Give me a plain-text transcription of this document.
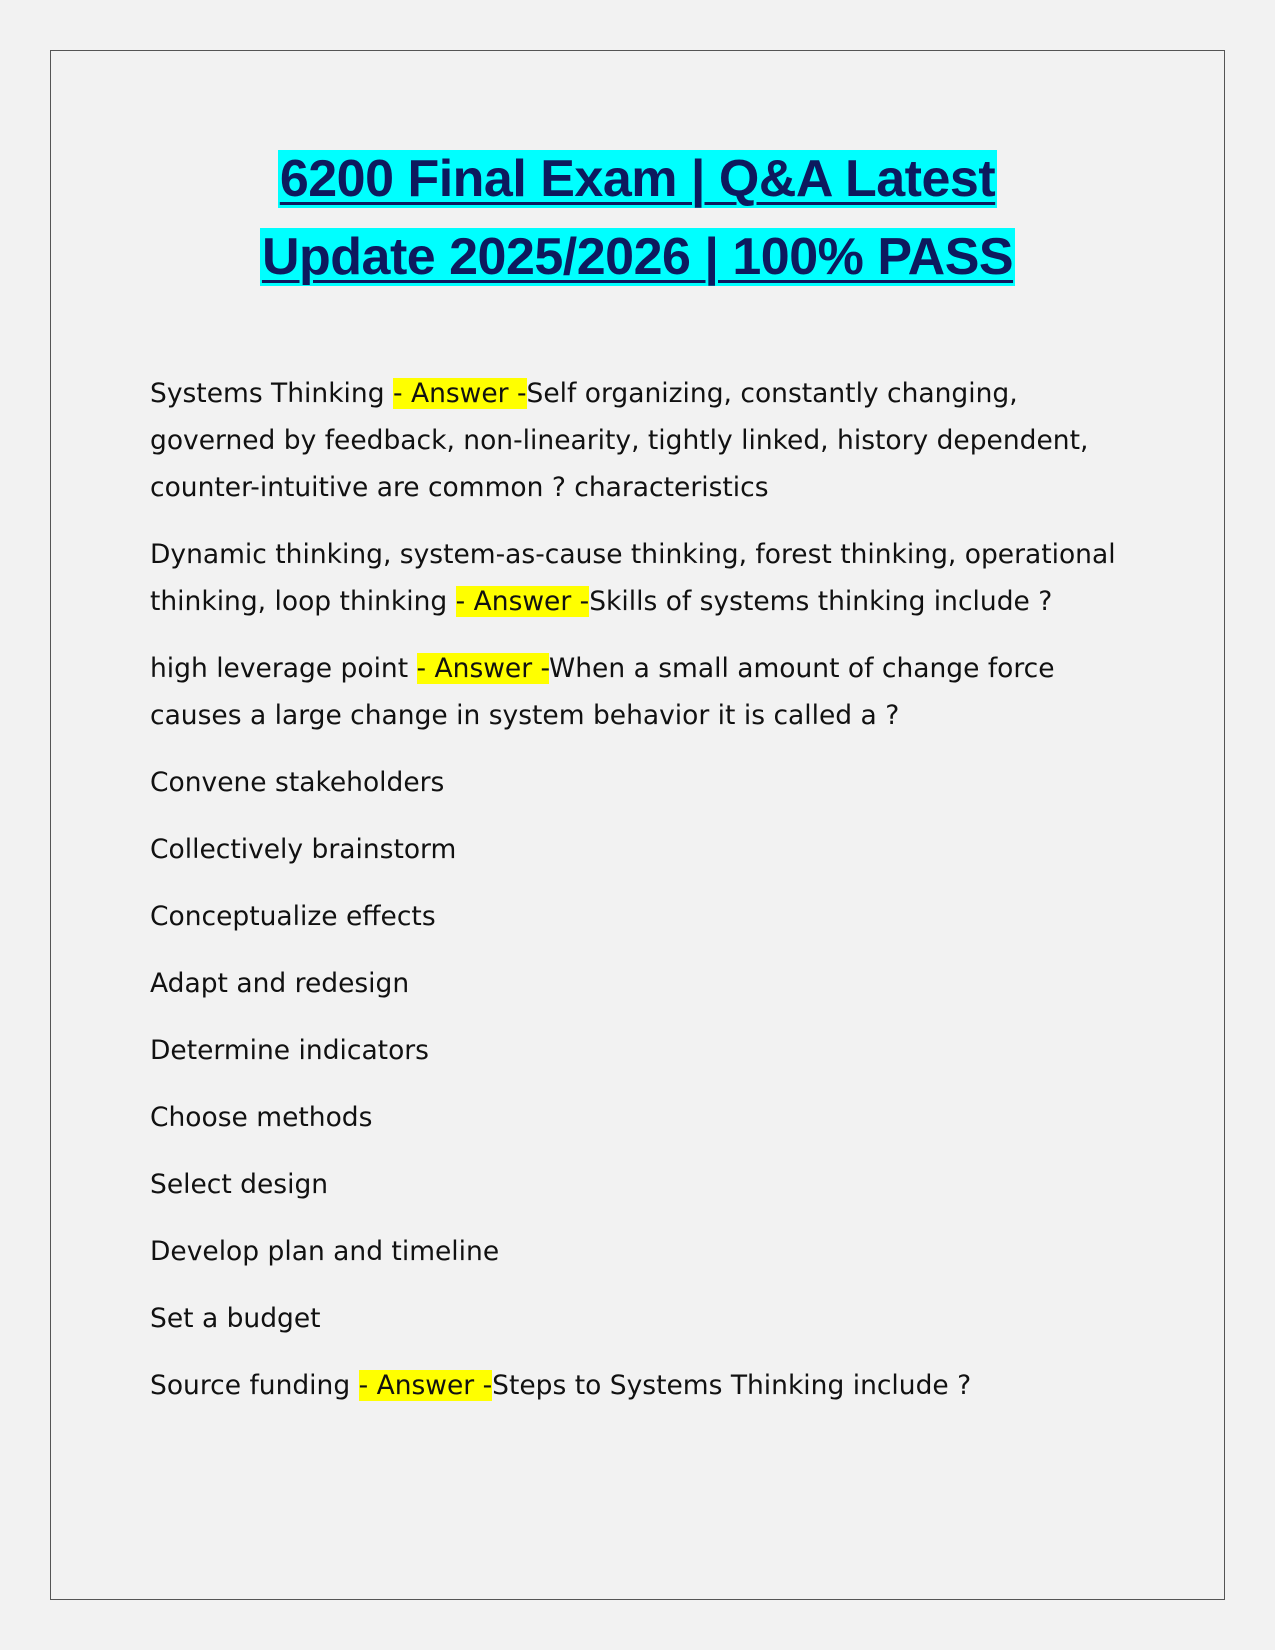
6200 Final Exam | Q&A Latest
Update 2025/2026 | 100% PASS

Systems Thinking - Answer -Self organizing, constantly changing, governed by feedback, non-linearity, tightly linked, history dependent, counter-intuitive are common ? characteristics

Dynamic thinking, system-as-cause thinking, forest thinking, operational thinking, loop thinking - Answer -Skills of systems thinking include ?

high leverage point - Answer -When a small amount of change force causes a large change in system behavior it is called a ?

Convene stakeholders

Collectively brainstorm

Conceptualize effects

Adapt and redesign

Determine indicators

Choose methods

Select design

Develop plan and timeline

Set a budget

Source funding - Answer -Steps to Systems Thinking include ?
